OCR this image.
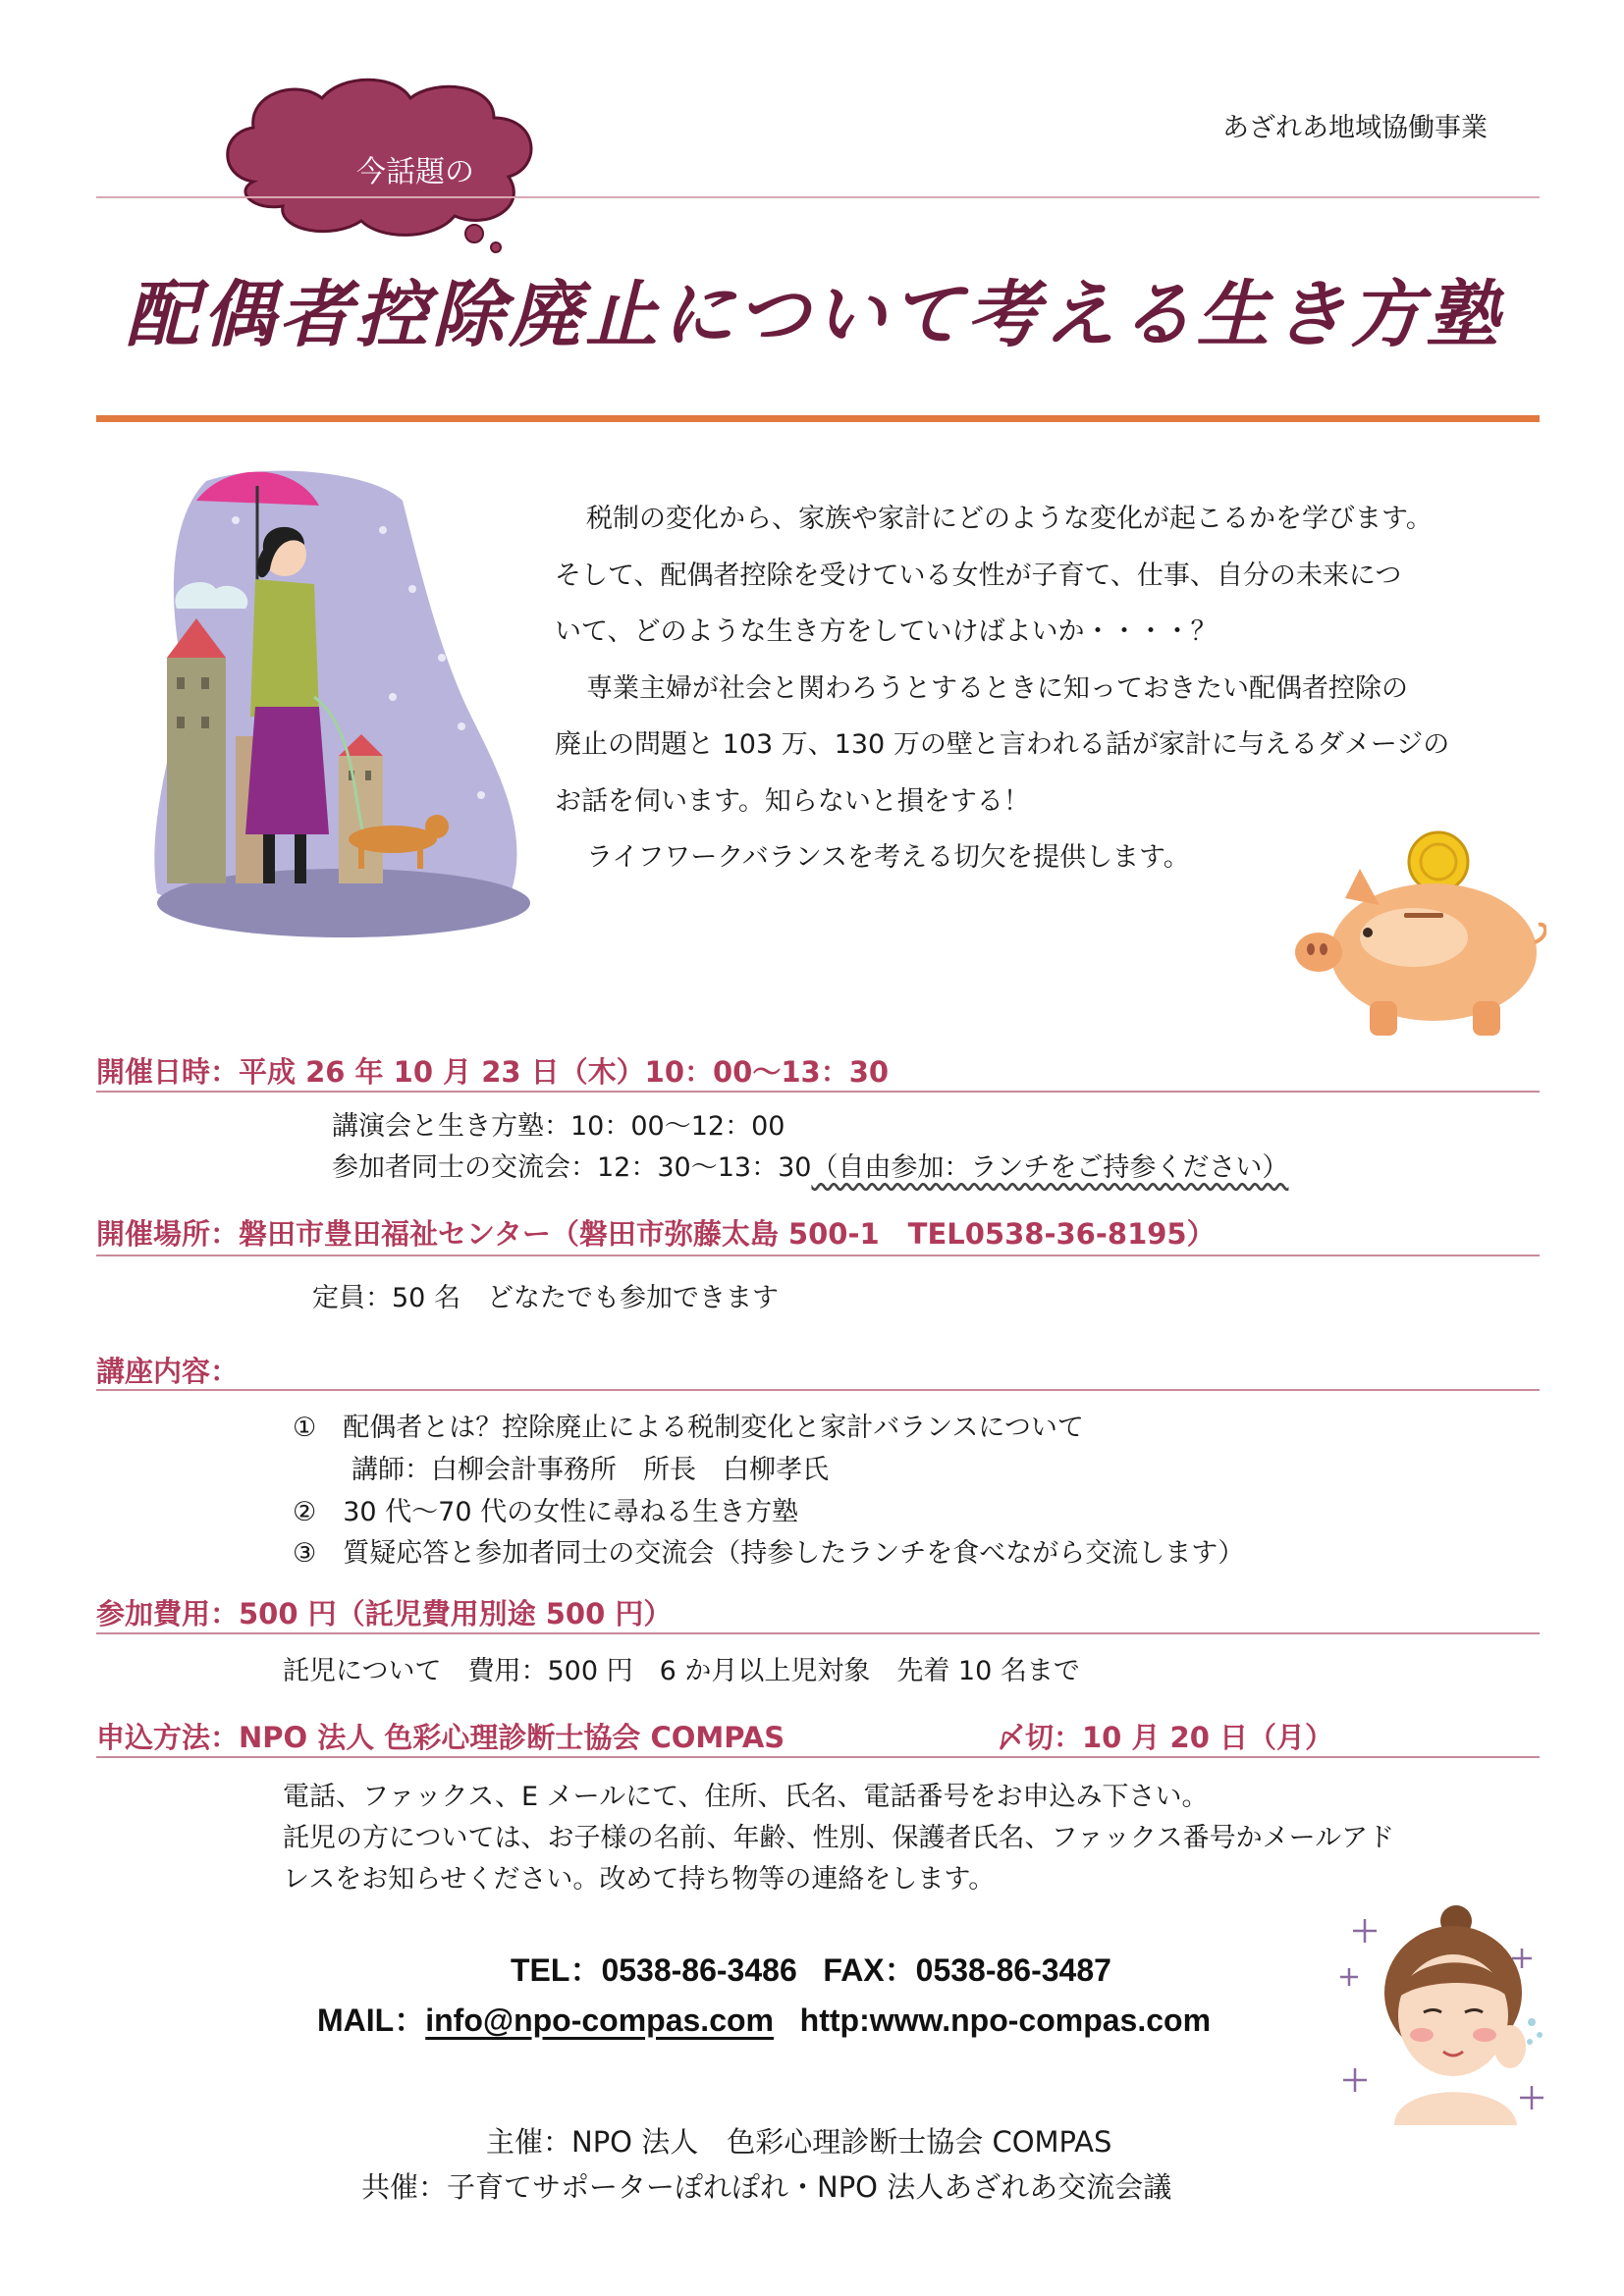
あざれあ地域協働事業
今話題の
配偶者控除廃止について考える生き方塾

税制の変化から、家族や家計にどのような変化が起こるかを学びます。

そして、配偶者控除を受けている女性が子育て、仕事、自分の未来につ

いて、どのような生き方をしていけばよいか・・・・？

専業主婦が社会と関わろうとするときに知っておきたい配偶者控除の

廃止の問題と 103 万、130 万の壁と言われる話が家計に与えるダメージの

お話を伺います。知らないと損をする！

ライフワークバランスを考える切欠を提供します。

開催日時：平成 26 年 10 月 23 日（木）10：00〜13：30
講演会と生き方塾：10：00〜12：00
参加者同士の交流会：12：30〜13：30（自由参加：ランチをご持参ください）
開催場所：磐田市豊田福祉センター（磐田市弥藤太島 500-1　TEL0538-36-8195）
定員：50 名　どなたでも参加できます
講座内容：
①　配偶者とは？控除廃止による税制変化と家計バランスについて
講師：白柳会計事務所　所長　白柳孝氏
②　30 代〜70 代の女性に尋ねる生き方塾
③　質疑応答と参加者同士の交流会（持参したランチを食べながら交流します）
参加費用：500 円（託児費用別途 500 円）
託児について　費用：500 円　6 か月以上児対象　先着 10 名まで
申込方法：NPO 法人 色彩心理診断士協会 COMPAS	〆切：10 月 20 日（月）
電話、ファックス、E メールにて、住所、氏名、電話番号をお申込み下さい。
託児の方については、お子様の名前、年齢、性別、保護者氏名、ファックス番号かメールアド
レスをお知らせください。改めて持ち物等の連絡をします。
TEL：0538-86-3486 FAX：0538-86-3487
MAIL：info@npo-compas.com http:www.npo-compas.com
主催：NPO 法人　色彩心理診断士協会 COMPAS
共催：子育てサポーターぽれぽれ・NPO 法人あざれあ交流会議
